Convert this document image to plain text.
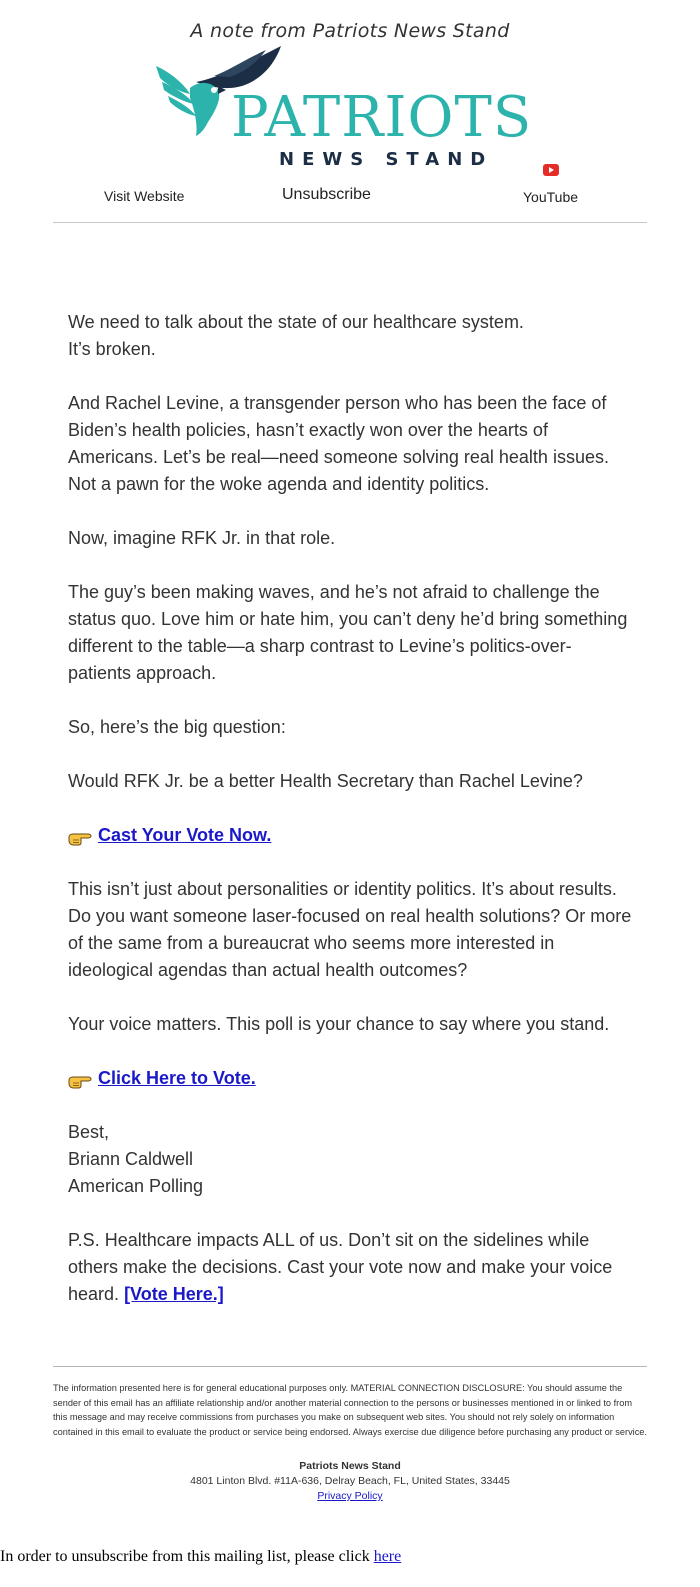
A note from Patriots News Stand
PATRIOTS
NEWS STAND
Visit Website	Unsubscribe	YouTube

We need to talk about the state of our healthcare system.
It’s broken.

And Rachel Levine, a transgender person who has been the face of Biden’s health policies, hasn’t exactly won over the hearts of Americans. Let’s be real—need someone solving real health issues. Not a pawn for the woke agenda and identity politics.

Now, imagine RFK Jr. in that role.

The guy’s been making waves, and he’s not afraid to challenge the status quo. Love him or hate him, you can’t deny he’d bring something different to the table—a sharp contrast to Levine’s politics-over-patients approach.

So, here’s the big question:

Would RFK Jr. be a better Health Secretary than Rachel Levine?

Cast Your Vote Now.

This isn’t just about personalities or identity politics. It’s about results. Do you want someone laser-focused on real health solutions? Or more of the same from a bureaucrat who seems more interested in ideological agendas than actual health outcomes?

Your voice matters. This poll is your chance to say where you stand.

Click Here to Vote.

Best,
Briann Caldwell
American Polling

P.S. Healthcare impacts ALL of us. Don’t sit on the sidelines while others make the decisions. Cast your vote now and make your voice heard. [Vote Here.]

The information presented here is for general educational purposes only. MATERIAL CONNECTION DISCLOSURE: You should assume the sender of this email has an affiliate relationship and/or another material connection to the persons or businesses mentioned in or linked to from this message and may receive commissions from purchases you make on subsequent web sites. You should not rely solely on information contained in this email to evaluate the product or service being endorsed. Always exercise due diligence before purchasing any product or service.

Patriots News Stand
4801 Linton Blvd. #11A-636, Delray Beach, FL, United States, 33445
Privacy Policy
In order to unsubscribe from this mailing list, please click here
